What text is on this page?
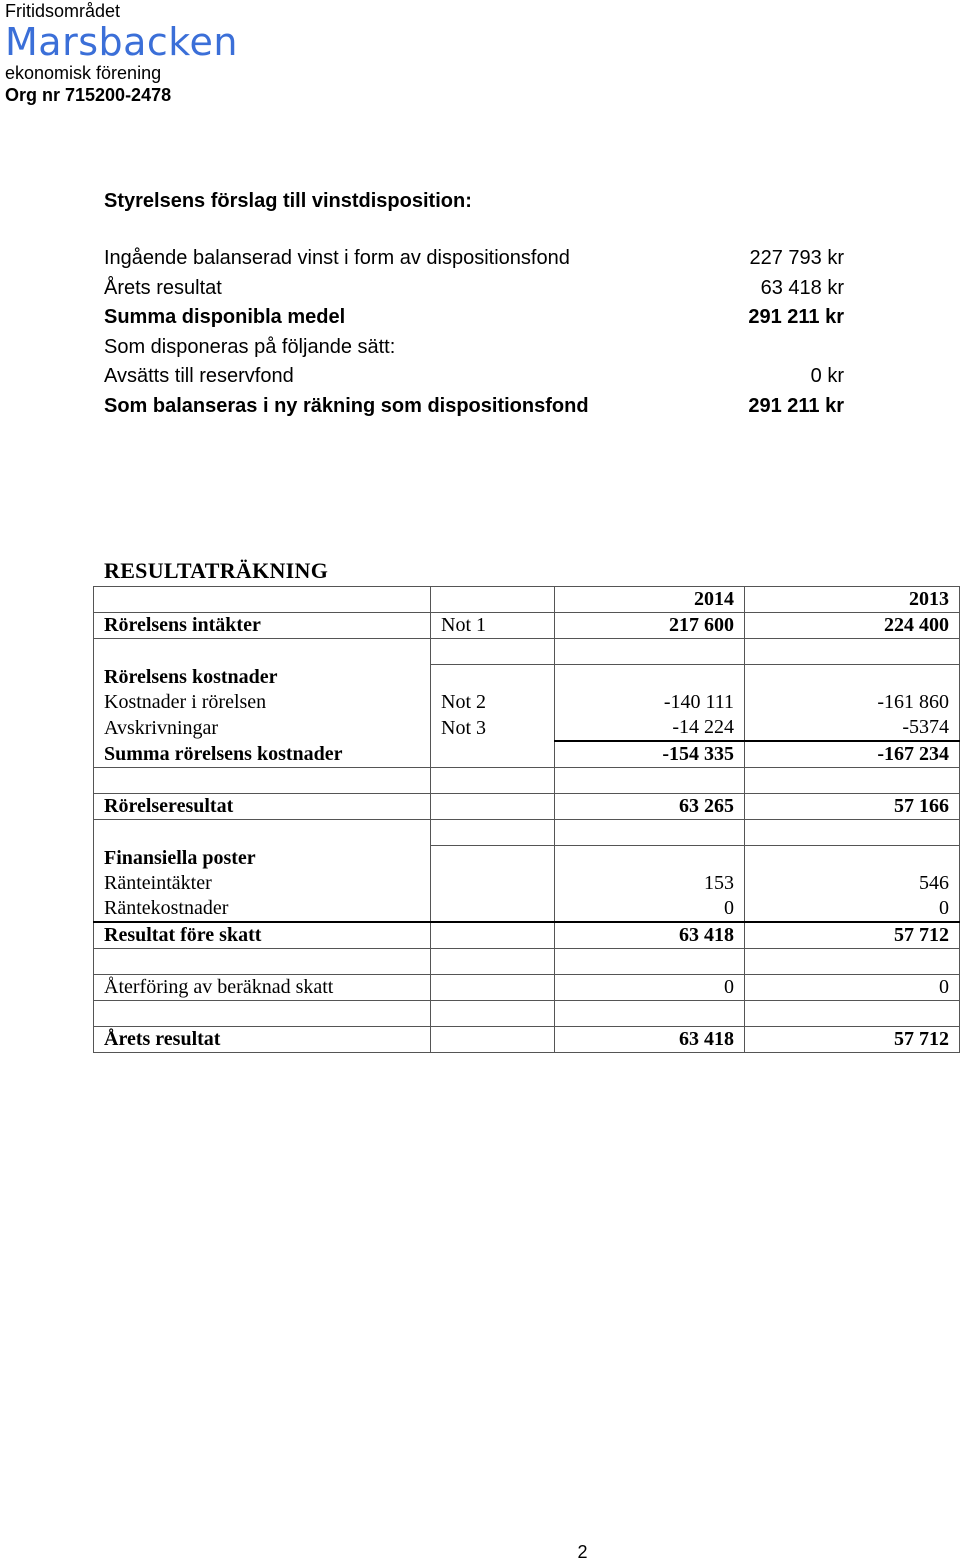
Fritidsområdet
Marsbacken
ekonomisk förening
Org nr 715200-2478
Styrelsens förslag till vinstdisposition:
Ingående balanserad vinst i form av dispositionsfond	227 793 kr
Årets resultat	63 418 kr
Summa disponibla medel	291 211 kr
Som disponeras på följande sätt:
Avsätts till reservfond	0 kr
Som balanseras i ny räkning som dispositionsfond	291 211 kr
RESULTATRÄKNING
		2014	2013
Rörelsens intäkter	Not 1	217 600	224 400

Rörelsens kostnader			
Kostnader i rörelsen	Not 2	-140 111	-161 860
Avskrivningar	Not 3	-14 224	-5374
Summa rörelsens kostnader		-154 335	-167 234

Rörelseresultat		63 265	57 166

Finansiella poster			
Ränteintäkter		153	546
Räntekostnader		0	0
Resultat före skatt		63 418	57 712

Återföring av beräknad skatt		0	0

Årets resultat		63 418	57 712
2
